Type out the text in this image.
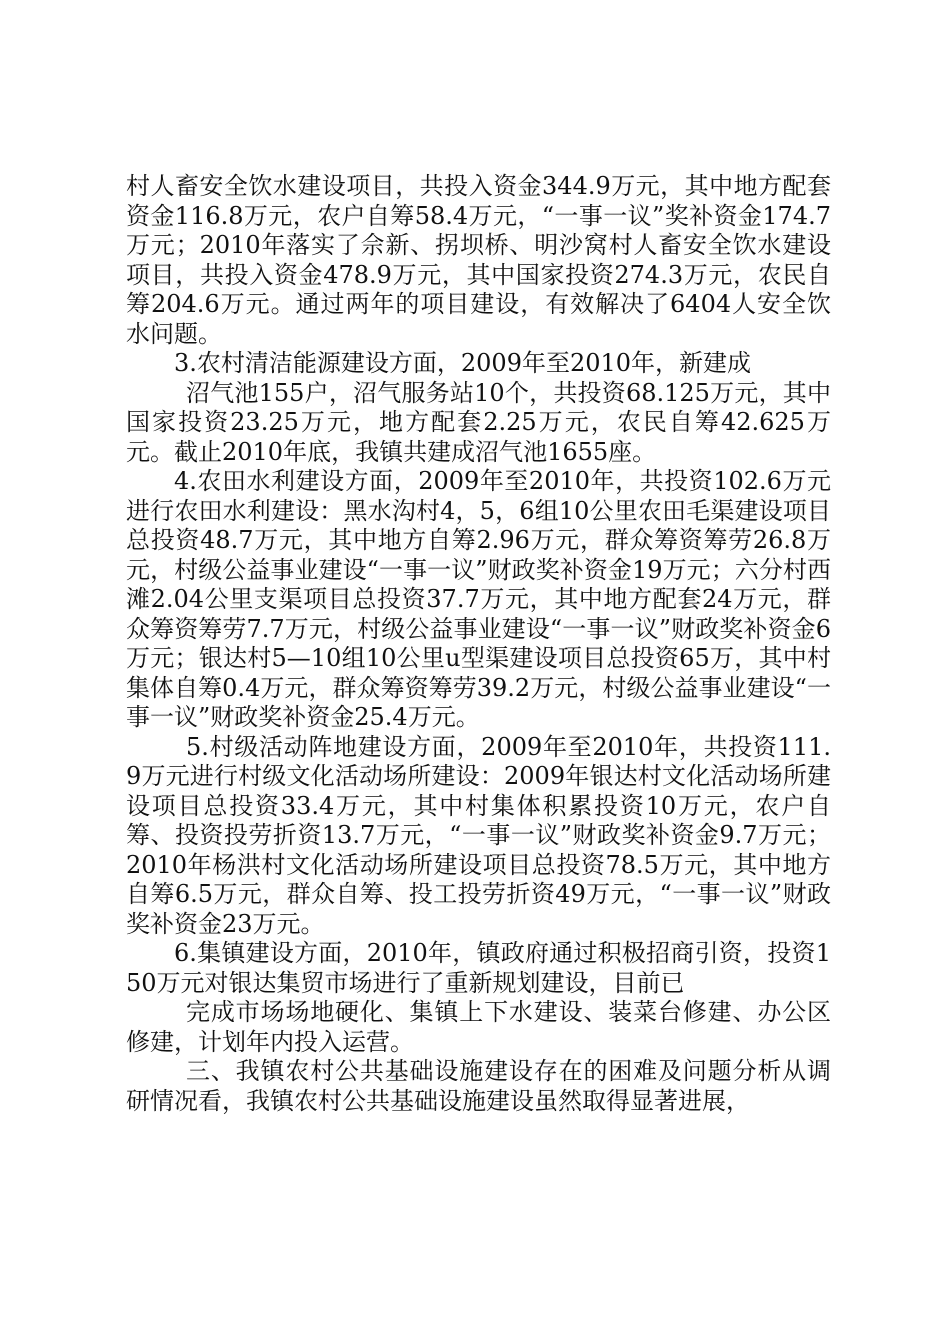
村人畜安全饮水建设项目，共投入资金344.9万元，其中地方配套资金116.8万元，农户自筹58.4万元，“一事一议”奖补资金174.7万元；2010年落实了佘新、拐坝桥、明沙窝村人畜安全饮水建设项目，共投入资金478.9万元，其中国家投资274.3万元，农民自筹204.6万元。通过两年的项目建设，有效解决了6404人安全饮水问题。

3.农村清洁能源建设方面，2009年至2010年，新建成

沼气池155户，沼气服务站10个，共投资68.125万元，其中国家投资23.25万元，地方配套2.25万元，农民自筹42.625万元。截止2010年底，我镇共建成沼气池1655座。

4.农田水利建设方面，2009年至2010年，共投资102.6万元进行农田水利建设：黑水沟村4，5，6组10公里农田毛渠建设项目总投资48.7万元，其中地方自筹2.96万元，群众筹资筹劳26.8万元，村级公益事业建设“一事一议”财政奖补资金19万元；六分村西滩2.04公里支渠项目总投资37.7万元，其中地方配套24万元，群众筹资筹劳7.7万元，村级公益事业建设“一事一议”财政奖补资金6万元；银达村5—10组10公里u型渠建设项目总投资65万，其中村集体自筹0.4万元，群众筹资筹劳39.2万元，村级公益事业建设“一事一议”财政奖补资金25.4万元。

5.村级活动阵地建设方面，2009年至2010年，共投资111.9万元进行村级文化活动场所建设：2009年银达村文化活动场所建设项目总投资33.4万元，其中村集体积累投资10万元，农户自筹、投资投劳折资13.7万元，“一事一议”财政奖补资金9.7万元；2010年杨洪村文化活动场所建设项目总投资78.5万元，其中地方自筹6.5万元，群众自筹、投工投劳折资49万元，“一事一议”财政奖补资金23万元。

6.集镇建设方面，2010年，镇政府通过积极招商引资，投资150万元对银达集贸市场进行了重新规划建设，目前已

完成市场场地硬化、集镇上下水建设、装菜台修建、办公区修建，计划年内投入运营。

三、我镇农村公共基础设施建设存在的困难及问题分析从调研情况看，我镇农村公共基础设施建设虽然取得显著进展，
